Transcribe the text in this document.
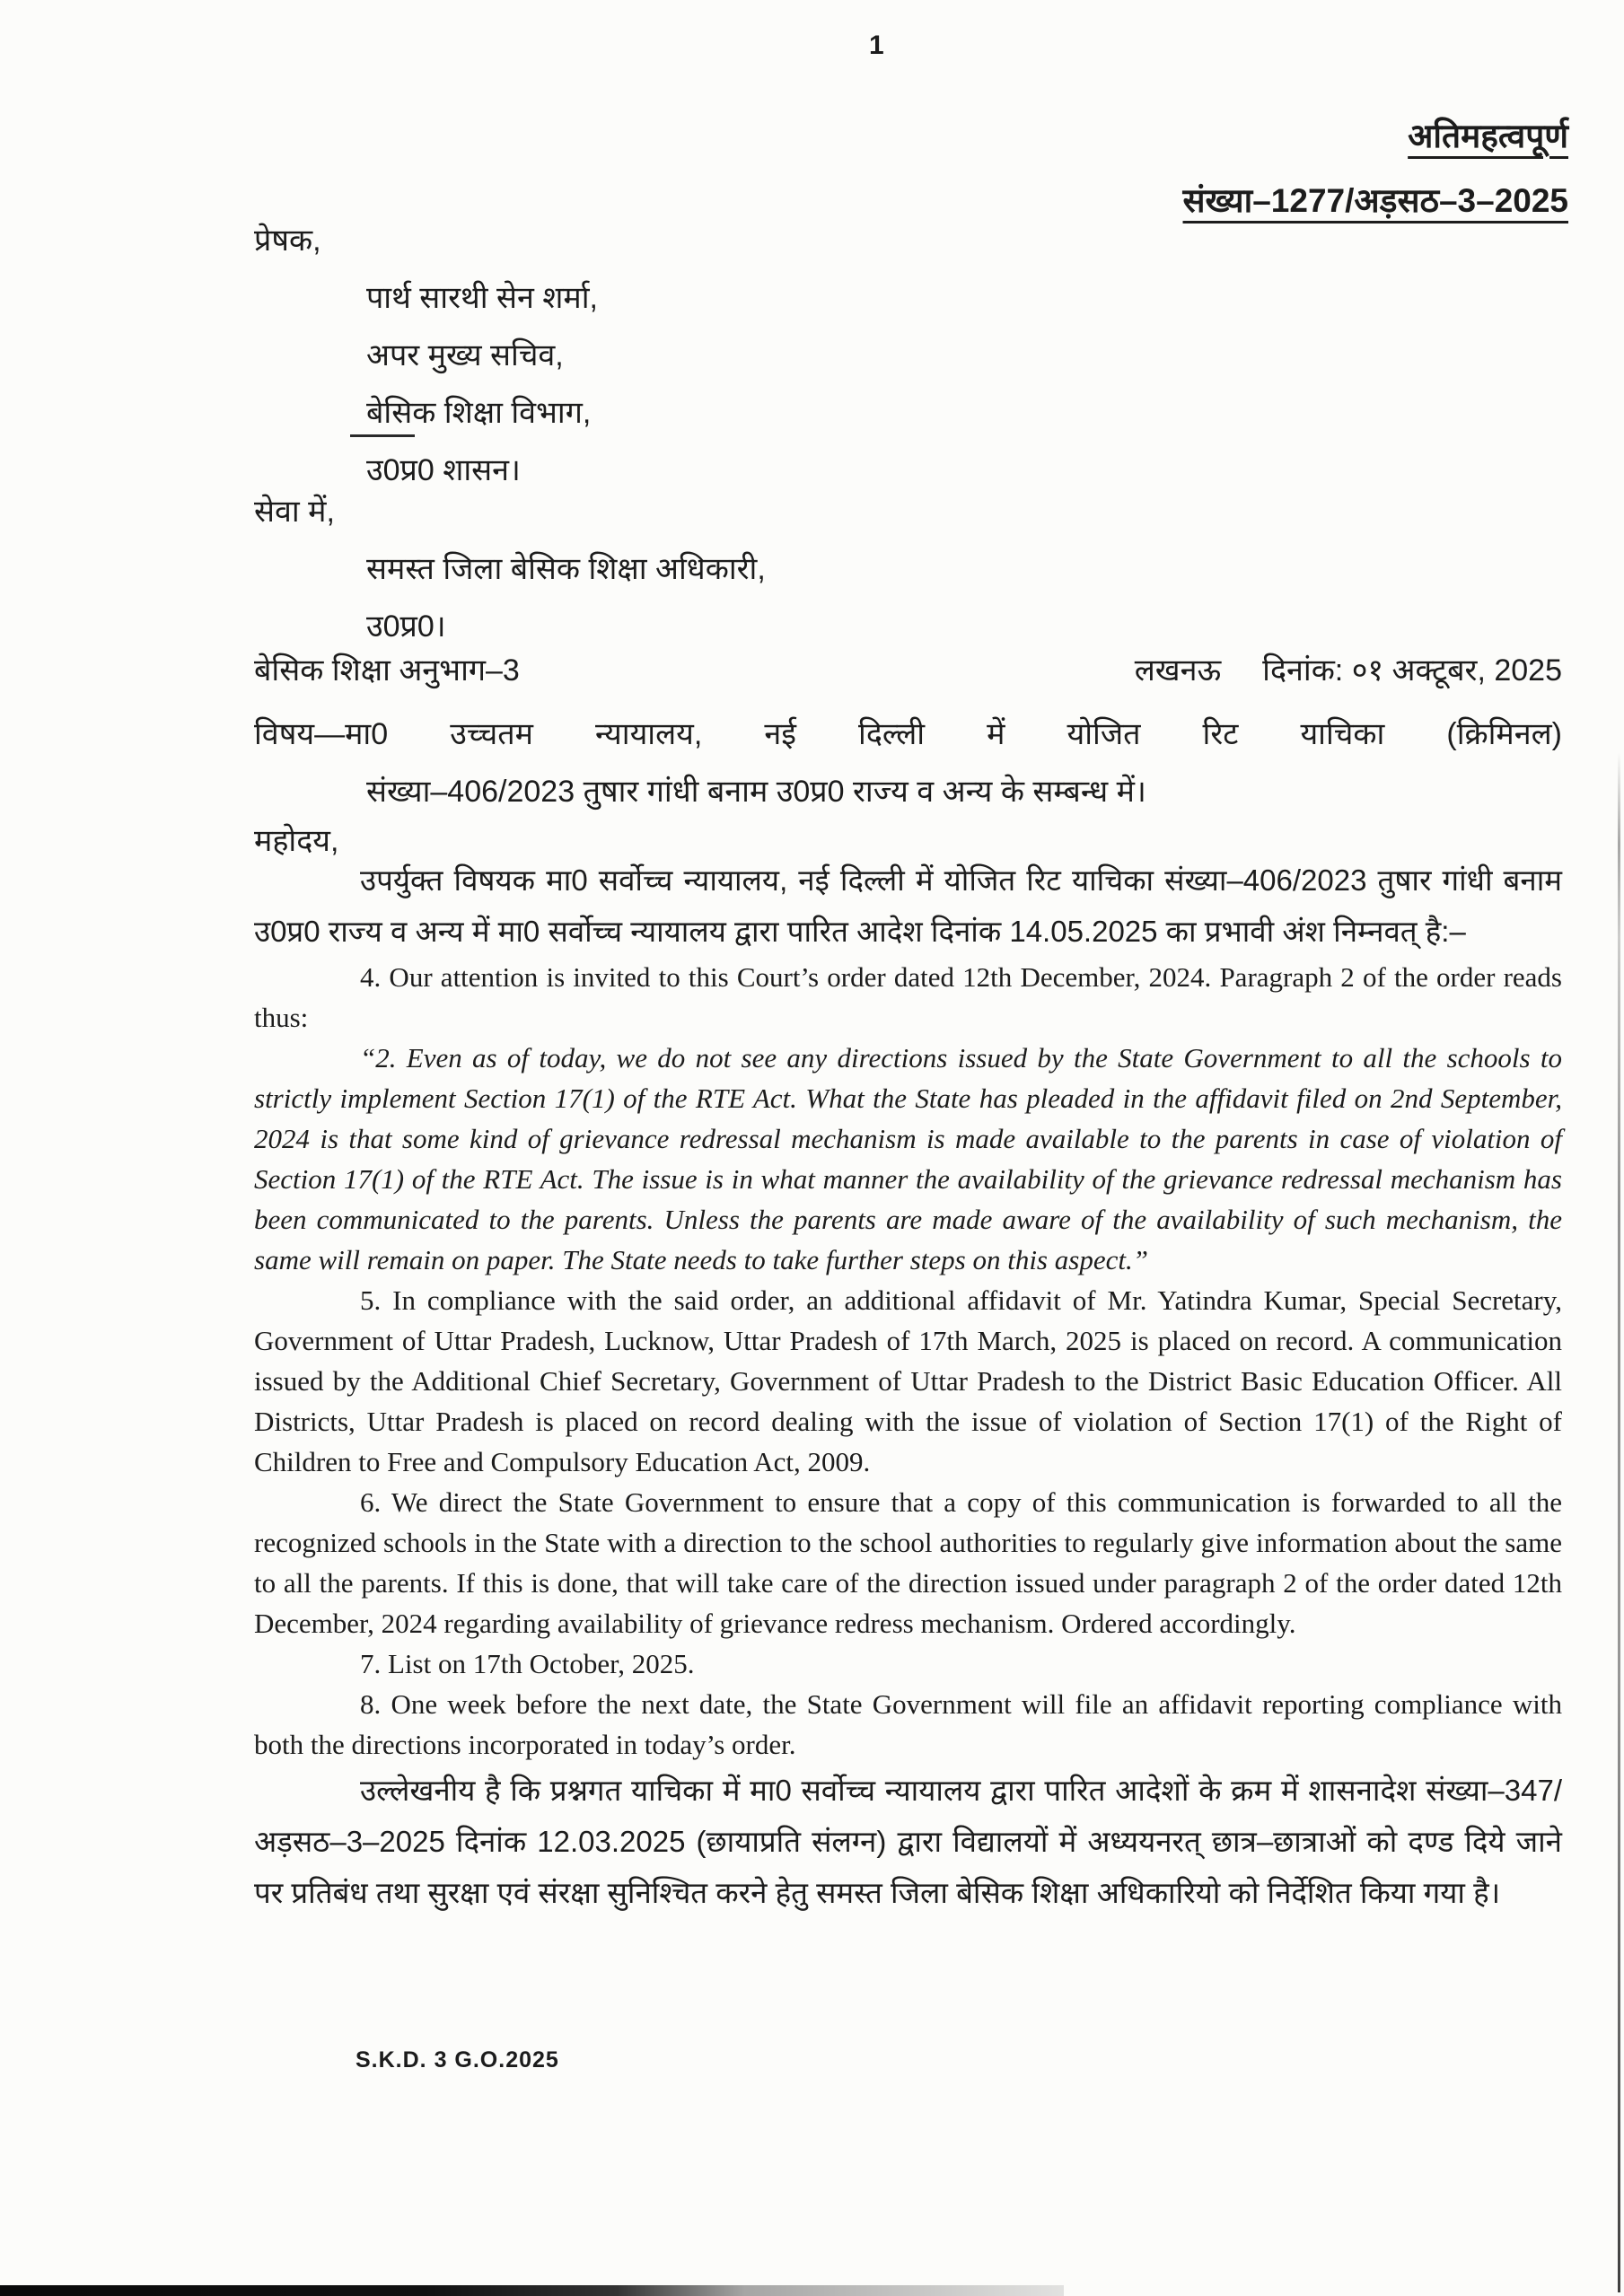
1
अतिमहत्वपूर्ण
संख्या–1277/अड़सठ–3–2025
प्रेषक,
पार्थ सारथी सेन शर्मा,
अपर मुख्य सचिव,
बेसिक शिक्षा विभाग,
उ0प्र0 शासन।
सेवा में,
समस्त जिला बेसिक शिक्षा अधिकारी,
उ0प्र0।
बेसिक शिक्षा अनुभाग–3	लखनऊ दिनांक: ०१ अक्टूबर, 2025
विषय—मा0 उच्चतम न्यायालय, नई दिल्ली में योजित रिट याचिका (क्रिमिनल)
संख्या–406/2023 तुषार गांधी बनाम उ0प्र0 राज्य व अन्य के सम्बन्ध में।
महोदय,

उपर्युक्त विषयक मा0 सर्वोच्च न्यायालय, नई दिल्ली में योजित रिट याचिका संख्या–406/2023 तुषार गांधी बनाम उ0प्र0 राज्य व अन्य में मा0 सर्वोच्च न्यायालय द्वारा पारित आदेश दिनांक 14.05.2025 का प्रभावी अंश निम्नवत् है:–

4. Our attention is invited to this Court’s order dated 12th December, 2024. Paragraph 2 of the order reads thus:

“2. Even as of today, we do not see any directions issued by the State Government to all the schools to strictly implement Section 17(1) of the RTE Act. What the State has pleaded in the affidavit filed on 2nd September, 2024 is that some kind of grievance redressal mechanism is made available to the parents in case of violation of Section 17(1) of the RTE Act. The issue is in what manner the availability of the grievance redressal mechanism has been communicated to the parents. Unless the parents are made aware of the availability of such mechanism, the same will remain on paper. The State needs to take further steps on this aspect.”

5. In compliance with the said order, an additional affidavit of Mr. Yatindra Kumar, Special Secretary, Government of Uttar Pradesh, Lucknow, Uttar Pradesh of 17th March, 2025 is placed on record. A communication issued by the Additional Chief Secretary, Government of Uttar Pradesh to the District Basic Education Officer. All Districts, Uttar Pradesh is placed on record dealing with the issue of violation of Section 17(1) of the Right of Children to Free and Compulsory Education Act, 2009.

6. We direct the State Government to ensure that a copy of this communication is forwarded to all the recognized schools in the State with a direction to the school authorities to regularly give information about the same to all the parents. If this is done, that will take care of the direction issued under paragraph 2 of the order dated 12th December, 2024 regarding availability of grievance redress mechanism. Ordered accordingly.

7. List on 17th October, 2025.

8. One week before the next date, the State Government will file an affidavit reporting compliance with both the directions incorporated in today’s order.

उल्लेखनीय है कि प्रश्नगत याचिका में मा0 सर्वोच्च न्यायालय द्वारा पारित आदेशों के क्रम में शासनादेश संख्या–347/अड़सठ–3–2025 दिनांक 12.03.2025 (छायाप्रति संलग्न) द्वारा विद्यालयों में अध्ययनरत् छात्र–छात्राओं को दण्ड दिये जाने पर प्रतिबंध तथा सुरक्षा एवं संरक्षा सुनिश्चित करने हेतु समस्त जिला बेसिक शिक्षा अधिकारियो को निर्देशित किया गया है।

S.K.D. 3 G.O.2025
